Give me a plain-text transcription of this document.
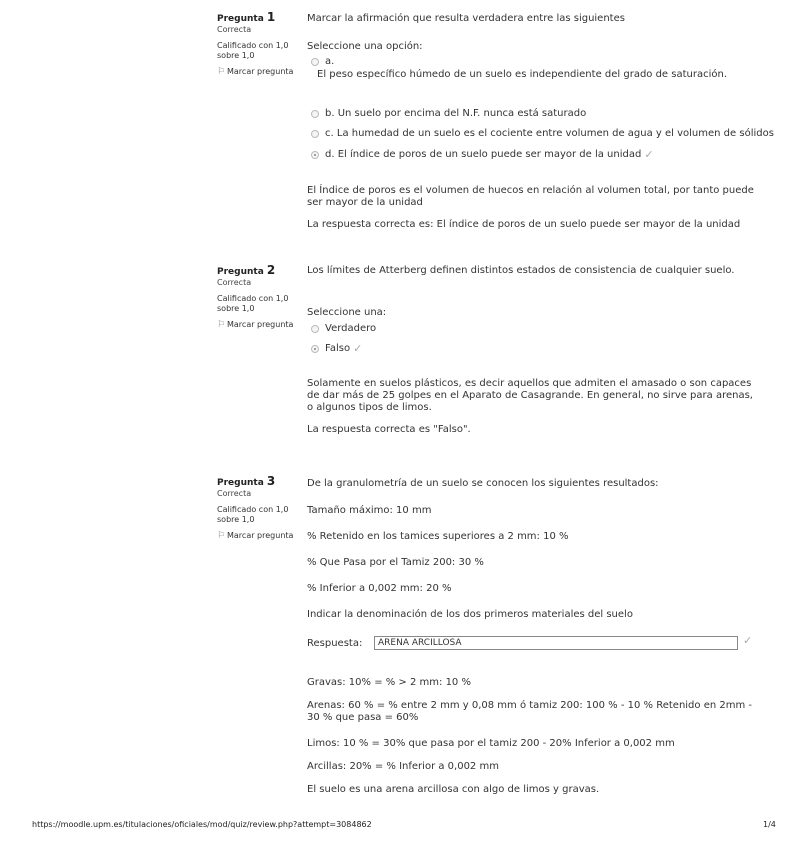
Pregunta 1
Correcta
Calificado con 1,0 sobre 1,0
⚐ Marcar pregunta
Marcar la afirmación que resulta verdadera entre las siguientes
Seleccione una opción:
a.
El peso específico húmedo de un suelo es independiente del grado de saturación.
b.
Un suelo por encima del N.F. nunca está saturado
c.
La humedad de un suelo es el cociente entre volumen de agua y el volumen de sólidos
d.
El índice de poros de un suelo puede ser mayor de la unidad ✓
El Índice de poros es el volumen de huecos en relación al volumen total, por tanto puede ser mayor de la unidad
La respuesta correcta es: El índice de poros de un suelo puede ser mayor de la unidad
Pregunta 2
Correcta
Calificado con 1,0 sobre 1,0
⚐ Marcar pregunta
Los límites de Atterberg definen distintos estados de consistencia de cualquier suelo.
Seleccione una:
Verdadero
Falso ✓
Solamente en suelos plásticos, es decir aquellos que admiten el amasado o son capaces de dar más de 25 golpes en el Aparato de Casagrande. En general, no sirve para arenas, o algunos tipos de limos.
La respuesta correcta es "Falso".
Pregunta 3
Correcta
Calificado con 1,0 sobre 1,0
⚐ Marcar pregunta
De la granulometría de un suelo se conocen los siguientes resultados:
Tamaño máximo: 10 mm
% Retenido en los tamices superiores a 2 mm: 10 %
% Que Pasa por el Tamiz 200: 30 %
% Inferior a 0,002 mm: 20 %
Indicar la denominación de los dos primeros materiales del suelo
Respuesta:	ARENA ARCILLOSA	✓
Gravas: 10% = % > 2 mm: 10 %
Arenas: 60 % = % entre 2 mm y 0,08 mm ó tamiz 200: 100 % - 10 % Retenido en 2mm - 30 % que pasa = 60%
Limos: 10 % = 30% que pasa por el tamiz 200 - 20% Inferior a 0,002 mm
Arcillas: 20% = % Inferior a 0,002 mm
El suelo es una arena arcillosa con algo de limos y gravas.
https://moodle.upm.es/titulaciones/oficiales/mod/quiz/review.php?attempt=3084862	1/4
